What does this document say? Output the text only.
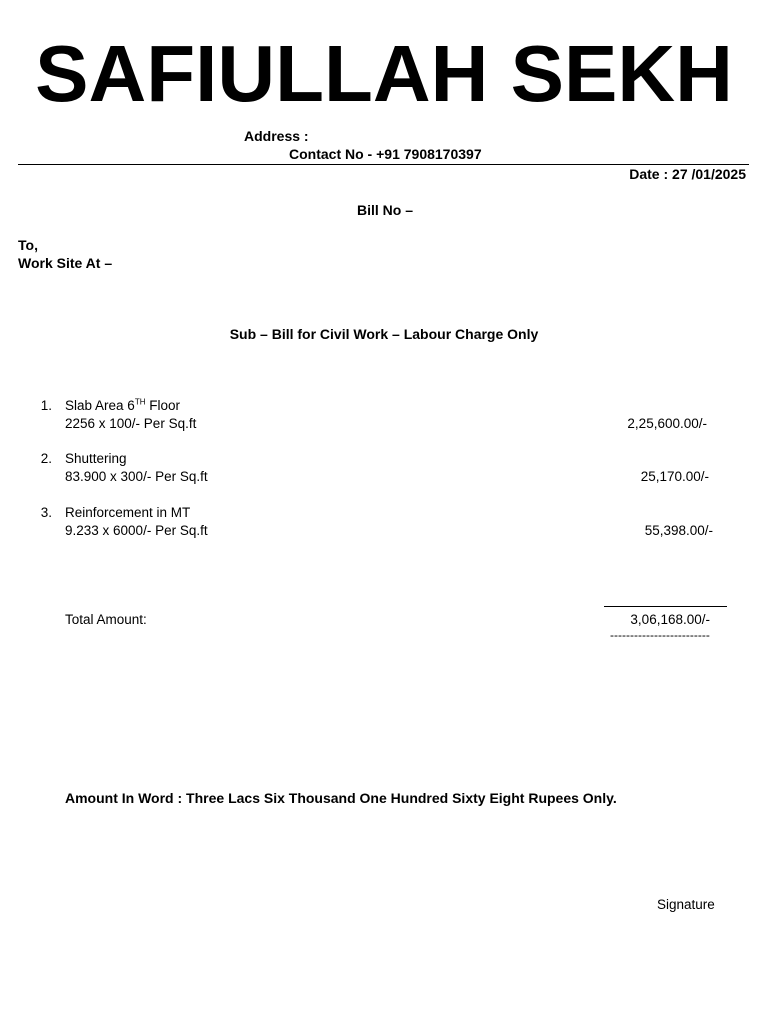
SAFIULLAH SEKH
Address :
Contact No - +91 7908170397
Date : 27 /01/2025
Bill No –
To,
Work Site At –
Sub – Bill for Civil Work – Labour Charge Only
1. Slab Area 6TH Floor
2256 x 100/- Per Sq.ft	2,25,600.00/-
2. Shuttering
83.900 x 300/- Per Sq.ft	25,170.00/-
3. Reinforcement in MT
9.233 x 6000/- Per Sq.ft	55,398.00/-
Total Amount:	3,06,168.00/-
-------------------------
Amount In Word : Three Lacs Six Thousand One Hundred Sixty Eight Rupees Only.
Signature
